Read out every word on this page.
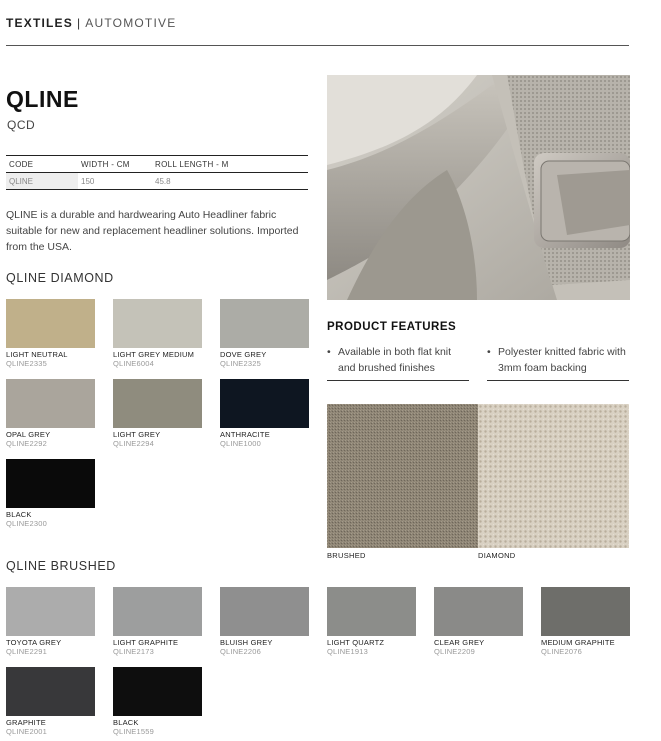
TEXTILES | AUTOMOTIVE
QLINE
QCD
CODE	WIDTH - CM	ROLL LENGTH - M
QLINE	150	45.8
QLINE is a durable and hardwearing Auto Headliner fabric suitable for new and replacement headliner solutions. Imported from the USA.
QLINE DIAMOND
LIGHT NEUTRAL
QLINE2335
LIGHT GREY MEDIUM
QLINE6004
DOVE GREY
QLINE2325
OPAL GREY
QLINE2292
LIGHT GREY
QLINE2294
ANTHRACITE
QLINE1000
BLACK
QLINE2300
QLINE BRUSHED
TOYOTA GREY
QLINE2291
LIGHT GRAPHITE
QLINE2173
BLUISH GREY
QLINE2206
LIGHT QUARTZ
QLINE1913
CLEAR GREY
QLINE2209
MEDIUM GRAPHITE
QLINE2076
GRAPHITE
QLINE2001
BLACK
QLINE1559
PRODUCT FEATURES
• Available in both flat knit and brushed finishes
• Polyester knitted fabric with 3mm foam backing
BRUSHED	DIAMOND
